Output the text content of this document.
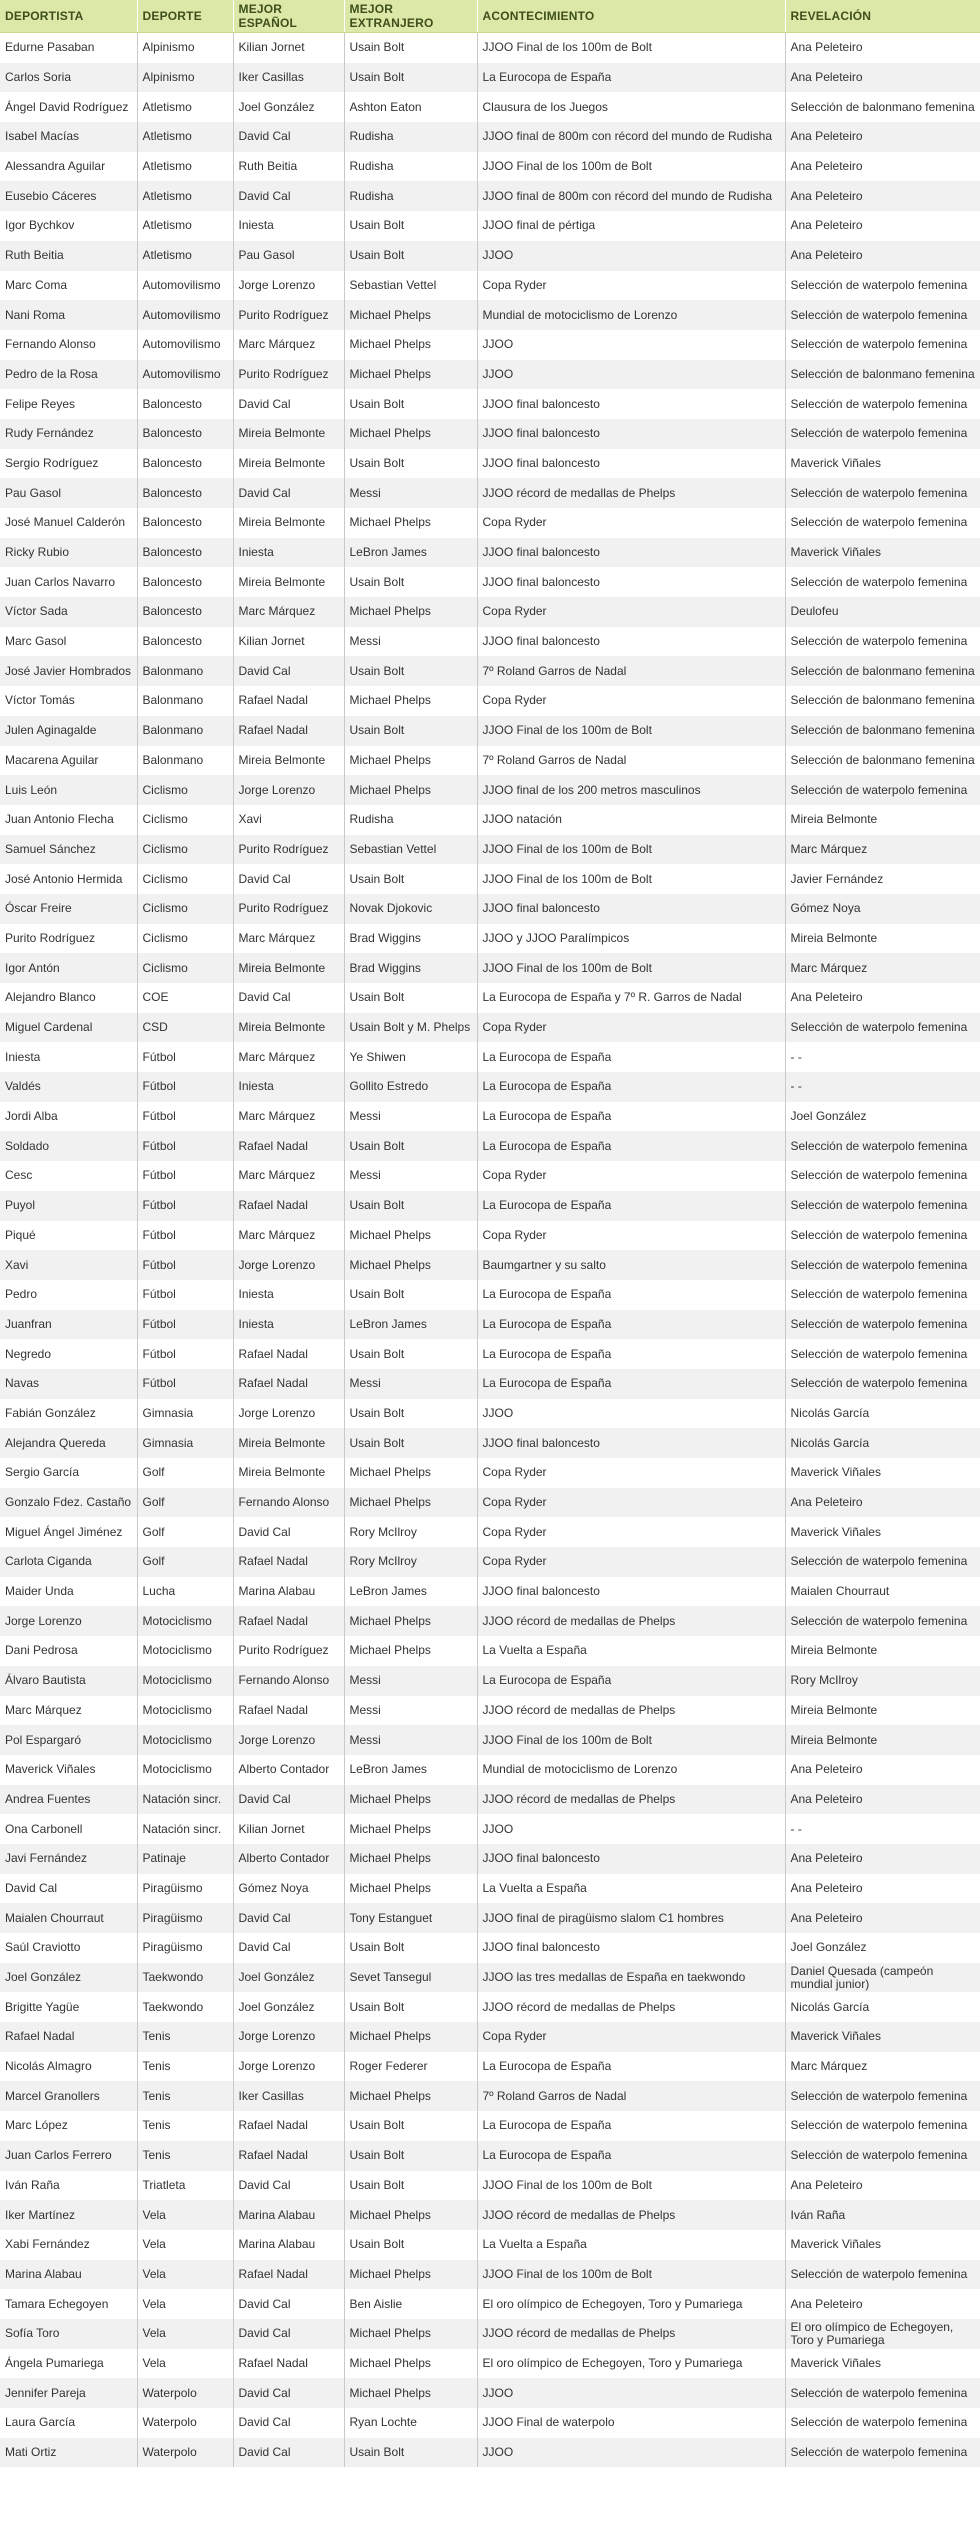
DEPORTISTA	DEPORTE	MEJOR ESPAÑOL	MEJOR EXTRANJERO	ACONTECIMIENTO	REVELACIÓN
Edurne Pasaban	Alpinismo	Kilian Jornet	Usain Bolt	JJOO Final de los 100m de Bolt	Ana Peleteiro
Carlos Soria	Alpinismo	Iker Casillas	Usain Bolt	La Eurocopa de España	Ana Peleteiro
Ángel David Rodríguez	Atletismo	Joel González	Ashton Eaton	Clausura de los Juegos	Selección de balonmano femenina
Isabel Macías	Atletismo	David Cal	Rudisha	JJOO final de 800m con récord del mundo de Rudisha	Ana Peleteiro
Alessandra Aguilar	Atletismo	Ruth Beitia	Rudisha	JJOO Final de los 100m de Bolt	Ana Peleteiro
Eusebio Cáceres	Atletismo	David Cal	Rudisha	JJOO final de 800m con récord del mundo de Rudisha	Ana Peleteiro
Igor Bychkov	Atletismo	Iniesta	Usain Bolt	JJOO final de pértiga	Ana Peleteiro
Ruth Beitia	Atletismo	Pau Gasol	Usain Bolt	JJOO	Ana Peleteiro
Marc Coma	Automovilismo	Jorge Lorenzo	Sebastian Vettel	Copa Ryder	Selección de waterpolo femenina
Nani Roma	Automovilismo	Purito Rodríguez	Michael Phelps	Mundial de motociclismo de Lorenzo	Selección de waterpolo femenina
Fernando Alonso	Automovilismo	Marc Márquez	Michael Phelps	JJOO	Selección de waterpolo femenina
Pedro de la Rosa	Automovilismo	Purito Rodríguez	Michael Phelps	JJOO	Selección de balonmano femenina
Felipe Reyes	Baloncesto	David Cal	Usain Bolt	JJOO final baloncesto	Selección de waterpolo femenina
Rudy Fernández	Baloncesto	Mireia Belmonte	Michael Phelps	JJOO final baloncesto	Selección de waterpolo femenina
Sergio Rodríguez	Baloncesto	Mireia Belmonte	Usain Bolt	JJOO final baloncesto	Maverick Viñales
Pau Gasol	Baloncesto	David Cal	Messi	JJOO récord de medallas de Phelps	Selección de waterpolo femenina
José Manuel Calderón	Baloncesto	Mireia Belmonte	Michael Phelps	Copa Ryder	Selección de waterpolo femenina
Ricky Rubio	Baloncesto	Iniesta	LeBron James	JJOO final baloncesto	Maverick Viñales
Juan Carlos Navarro	Baloncesto	Mireia Belmonte	Usain Bolt	JJOO final baloncesto	Selección de waterpolo femenina
Víctor Sada	Baloncesto	Marc Márquez	Michael Phelps	Copa Ryder	Deulofeu
Marc Gasol	Baloncesto	Kilian Jornet	Messi	JJOO final baloncesto	Selección de waterpolo femenina
José Javier Hombrados	Balonmano	David Cal	Usain Bolt	7º Roland Garros de Nadal	Selección de balonmano femenina
Víctor Tomás	Balonmano	Rafael Nadal	Michael Phelps	Copa Ryder	Selección de balonmano femenina
Julen Aginagalde	Balonmano	Rafael Nadal	Usain Bolt	JJOO Final de los 100m de Bolt	Selección de balonmano femenina
Macarena Aguilar	Balonmano	Mireia Belmonte	Michael Phelps	7º Roland Garros de Nadal	Selección de balonmano femenina
Luis León	Ciclismo	Jorge Lorenzo	Michael Phelps	JJOO final de los 200 metros masculinos	Selección de waterpolo femenina
Juan Antonio Flecha	Ciclismo	Xavi	Rudisha	JJOO natación	Mireia Belmonte
Samuel Sánchez	Ciclismo	Purito Rodríguez	Sebastian Vettel	JJOO Final de los 100m de Bolt	Marc Márquez
José Antonio Hermida	Ciclismo	David Cal	Usain Bolt	JJOO Final de los 100m de Bolt	Javier Fernández
Óscar Freire	Ciclismo	Purito Rodríguez	Novak Djokovic	JJOO final baloncesto	Gómez Noya
Purito Rodríguez	Ciclismo	Marc Márquez	Brad Wiggins	JJOO y JJOO Paralímpicos	Mireia Belmonte
Igor Antón	Ciclismo	Mireia Belmonte	Brad Wiggins	JJOO Final de los 100m de Bolt	Marc Márquez
Alejandro Blanco	COE	David Cal	Usain Bolt	La Eurocopa de España y 7º R. Garros de Nadal	Ana Peleteiro
Miguel Cardenal	CSD	Mireia Belmonte	Usain Bolt y M. Phelps	Copa Ryder	Selección de waterpolo femenina
Iniesta	Fútbol	Marc Márquez	Ye Shiwen	La Eurocopa de España	- -
Valdés	Fútbol	Iniesta	Gollito Estredo	La Eurocopa de España	- -
Jordi Alba	Fútbol	Marc Márquez	Messi	La Eurocopa de España	Joel González
Soldado	Fútbol	Rafael Nadal	Usain Bolt	La Eurocopa de España	Selección de waterpolo femenina
Cesc	Fútbol	Marc Márquez	Messi	Copa Ryder	Selección de waterpolo femenina
Puyol	Fútbol	Rafael Nadal	Usain Bolt	La Eurocopa de España	Selección de waterpolo femenina
Piqué	Fútbol	Marc Márquez	Michael Phelps	Copa Ryder	Selección de waterpolo femenina
Xavi	Fútbol	Jorge Lorenzo	Michael Phelps	Baumgartner y su salto	Selección de waterpolo femenina
Pedro	Fútbol	Iniesta	Usain Bolt	La Eurocopa de España	Selección de waterpolo femenina
Juanfran	Fútbol	Iniesta	LeBron James	La Eurocopa de España	Selección de waterpolo femenina
Negredo	Fútbol	Rafael Nadal	Usain Bolt	La Eurocopa de España	Selección de waterpolo femenina
Navas	Fútbol	Rafael Nadal	Messi	La Eurocopa de España	Selección de waterpolo femenina
Fabián González	Gimnasia	Jorge Lorenzo	Usain Bolt	JJOO	Nicolás García
Alejandra Quereda	Gimnasia	Mireia Belmonte	Usain Bolt	JJOO final baloncesto	Nicolás García
Sergio García	Golf	Mireia Belmonte	Michael Phelps	Copa Ryder	Maverick Viñales
Gonzalo Fdez. Castaño	Golf	Fernando Alonso	Michael Phelps	Copa Ryder	Ana Peleteiro
Miguel Ángel Jiménez	Golf	David Cal	Rory McIlroy	Copa Ryder	Maverick Viñales
Carlota Ciganda	Golf	Rafael Nadal	Rory McIlroy	Copa Ryder	Selección de waterpolo femenina
Maider Unda	Lucha	Marina Alabau	LeBron James	JJOO final baloncesto	Maialen Chourraut
Jorge Lorenzo	Motociclismo	Rafael Nadal	Michael Phelps	JJOO récord de medallas de Phelps	Selección de waterpolo femenina
Dani Pedrosa	Motociclismo	Purito Rodríguez	Michael Phelps	La Vuelta a España	Mireia Belmonte
Álvaro Bautista	Motociclismo	Fernando Alonso	Messi	La Eurocopa de España	Rory McIlroy
Marc Márquez	Motociclismo	Rafael Nadal	Messi	JJOO récord de medallas de Phelps	Mireia Belmonte
Pol Espargaró	Motociclismo	Jorge Lorenzo	Messi	JJOO Final de los 100m de Bolt	Mireia Belmonte
Maverick Viñales	Motociclismo	Alberto Contador	LeBron James	Mundial de motociclismo de Lorenzo	Ana Peleteiro
Andrea Fuentes	Natación sincr.	David Cal	Michael Phelps	JJOO récord de medallas de Phelps	Ana Peleteiro
Ona Carbonell	Natación sincr.	Kilian Jornet	Michael Phelps	JJOO	- -
Javi Fernández	Patinaje	Alberto Contador	Michael Phelps	JJOO final baloncesto	Ana Peleteiro
David Cal	Piragüismo	Gómez Noya	Michael Phelps	La Vuelta a España	Ana Peleteiro
Maialen Chourraut	Piragüismo	David Cal	Tony Estanguet	JJOO final de piragüismo slalom C1 hombres	Ana Peleteiro
Saúl Craviotto	Piragüismo	David Cal	Usain Bolt	JJOO final baloncesto	Joel González
Joel González	Taekwondo	Joel González	Sevet Tansegul	JJOO las tres medallas de España en taekwondo	Daniel Quesada (campeón mundial junior)
Brigitte Yagüe	Taekwondo	Joel González	Usain Bolt	JJOO récord de medallas de Phelps	Nicolás García
Rafael Nadal	Tenis	Jorge Lorenzo	Michael Phelps	Copa Ryder	Maverick Viñales
Nicolás Almagro	Tenis	Jorge Lorenzo	Roger Federer	La Eurocopa de España	Marc Márquez
Marcel Granollers	Tenis	Iker Casillas	Michael Phelps	7º Roland Garros de Nadal	Selección de waterpolo femenina
Marc López	Tenis	Rafael Nadal	Usain Bolt	La Eurocopa de España	Selección de waterpolo femenina
Juan Carlos Ferrero	Tenis	Rafael Nadal	Usain Bolt	La Eurocopa de España	Selección de waterpolo femenina
Iván Raña	Triatleta	David Cal	Usain Bolt	JJOO Final de los 100m de Bolt	Ana Peleteiro
Iker Martínez	Vela	Marina Alabau	Michael Phelps	JJOO récord de medallas de Phelps	Iván Raña
Xabi Fernández	Vela	Marina Alabau	Usain Bolt	La Vuelta a España	Maverick Viñales
Marina Alabau	Vela	Rafael Nadal	Michael Phelps	JJOO Final de los 100m de Bolt	Selección de waterpolo femenina
Tamara Echegoyen	Vela	David Cal	Ben Aislie	El oro olímpico de Echegoyen, Toro y Pumariega	Ana Peleteiro
Sofía Toro	Vela	David Cal	Michael Phelps	JJOO récord de medallas de Phelps	El oro olímpico de Echegoyen, Toro y Pumariega
Ángela Pumariega	Vela	Rafael Nadal	Michael Phelps	El oro olímpico de Echegoyen, Toro y Pumariega	Maverick Viñales
Jennifer Pareja	Waterpolo	David Cal	Michael Phelps	JJOO	Selección de waterpolo femenina
Laura García	Waterpolo	David Cal	Ryan Lochte	JJOO Final de waterpolo	Selección de waterpolo femenina
Mati Ortiz	Waterpolo	David Cal	Usain Bolt	JJOO	Selección de waterpolo femenina
